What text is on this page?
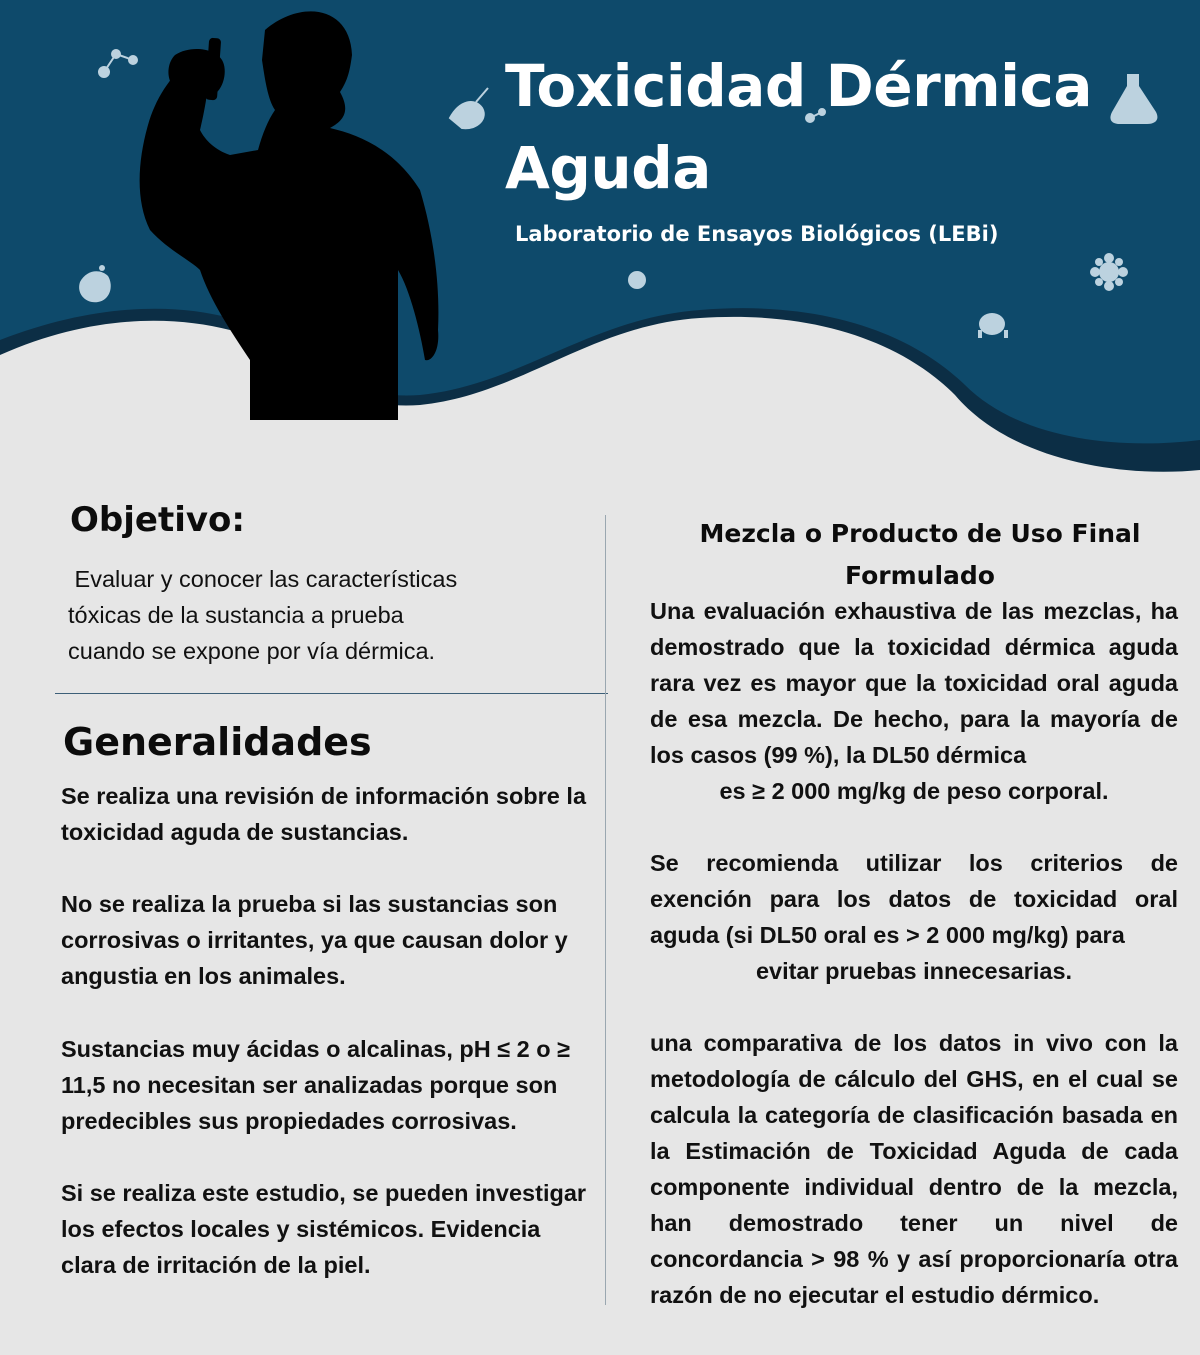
Toxicidad Dérmica
Aguda
Laboratorio de Ensayos Biológicos (LEBi)
Objetivo:
Evaluar y conocer las características
tóxicas de la sustancia a prueba
cuando se expone por vía dérmica.
Generalidades

Se realiza una revisión de información sobre la toxicidad aguda de sustancias.

No se realiza la prueba si las sustancias son corrosivas o irritantes, ya que causan dolor y angustia en los animales.

Sustancias muy ácidas o alcalinas, pH ≤ 2 o ≥ 11,5 no necesitan ser analizadas porque son predecibles sus propiedades corrosivas.

Si se realiza este estudio, se pueden investigar los efectos locales y sistémicos. Evidencia clara de irritación de la piel.

Mezcla o Producto de Uso Final
Formulado

Una evaluación exhaustiva de las mezclas, ha demostrado que la toxicidad dérmica aguda rara vez es mayor que la toxicidad oral aguda de esa mezcla. De hecho, para la mayoría de los casos (99 %), la DL50 dérmica

es ≥ 2 000 mg/kg de peso corporal.

Se recomienda utilizar los criterios de exención para los datos de toxicidad oral aguda (si DL50 oral es > 2 000 mg/kg) para

evitar pruebas innecesarias.

una comparativa de los datos in vivo con la metodología de cálculo del GHS, en el cual se calcula la categoría de clasificación basada en la Estimación de Toxicidad Aguda de cada componente individual dentro de la mezcla, han demostrado tener un nivel de concordancia > 98 % y así proporcionaría otra razón de no ejecutar el estudio dérmico.
